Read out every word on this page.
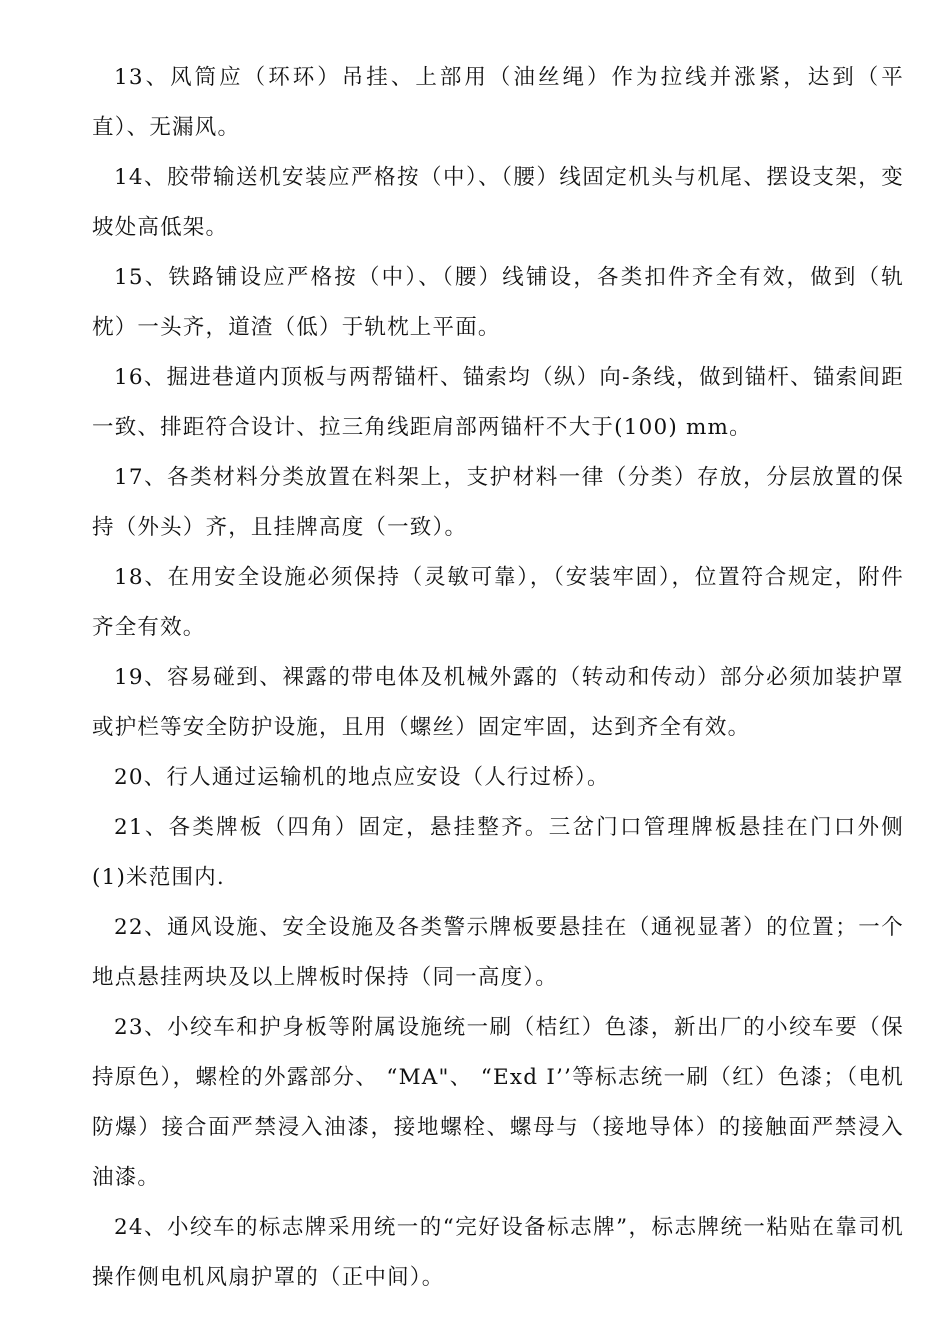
13、风筒应（环环）吊挂、上部用（油丝绳）作为拉线并涨紧，达到（平直）、无漏风。

14、胶带输送机安装应严格按（中）、（腰）线固定机头与机尾、摆设支架，变坡处高低架。

15、铁路铺设应严格按（中）、（腰）线铺设，各类扣件齐全有效，做到（轨枕）一头齐，道渣（低）于轨枕上平面。

16、掘进巷道内顶板与两帮锚杆、锚索均（纵）向-条线，做到锚杆、锚索间距一致、排距符合设计、拉三角线距肩部两锚杆不大于(100) mm。

17、各类材料分类放置在料架上，支护材料一律（分类）存放，分层放置的保持（外头）齐，且挂牌高度（一致）。

18、在用安全设施必须保持（灵敏可靠），（安装牢固），位置符合规定，附件齐全有效。

19、容易碰到、裸露的带电体及机械外露的（转动和传动）部分必须加装护罩或护栏等安全防护设施，且用（螺丝）固定牢固，达到齐全有效。

20、行人通过运输机的地点应安设（人行过桥）。

21、各类牌板（四角）固定，悬挂整齐。三岔门口管理牌板悬挂在门口外侧(1)米范围内.

22、通风设施、安全设施及各类警示牌板要悬挂在（通视显著）的位置；一个地点悬挂两块及以上牌板时保持（同一高度）。

23、小绞车和护身板等附属设施统一刷（桔红）色漆，新出厂的小绞车要（保持原色），螺栓的外露部分、 “MA"、 “Exd I’’等标志统一刷（红）色漆；（电机防爆）接合面严禁浸入油漆，接地螺栓、螺母与（接地导体）的接触面严禁浸入油漆。

24、小绞车的标志牌采用统一的“完好设备标志牌”，标志牌统一粘贴在靠司机操作侧电机风扇护罩的（正中间）。
